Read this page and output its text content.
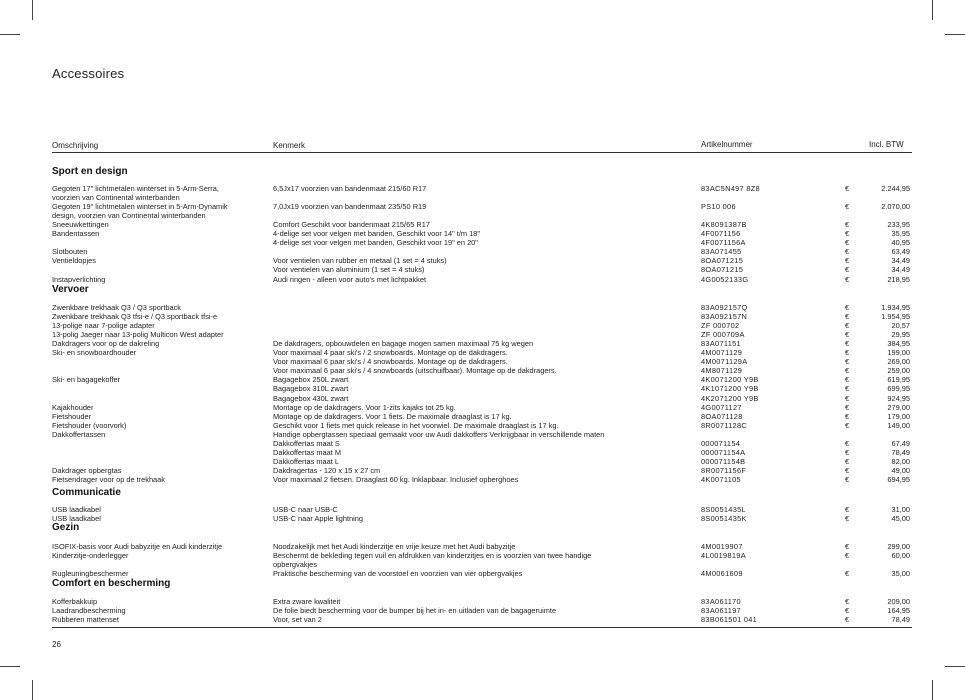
Accessoires
Omschrijving	Kenmerk	Artikelnummer	Incl. BTW
Sport en design
Gegoten 17" lichtmetalen winterset in 5-Arm-Serra,	6,5Jx17 voorzien van bandenmaat 215/60 R17	83AC5N497 8Z8	€	2.244,95
voorzien van Continental winterbanden
Gegoten 19" lichtmetalen winterset in 5-Arm-Dynamik	7,0Jx19 voorzien van bandenmaat 235/50 R19	PS10 006	€	2.070,00
design, voorzien van Continental winterbanden
Sneeuwkettingen	Comfort Geschikt voor bandenmaat 215/65 R17	4K8091387B	€	233,95
Bandentassen	4-delige set voor velgen met banden, Geschikt voor 14" t/m 18"	4F0071156	€	35,95
4-delige set voor velgen met banden, Geschikt voor 19" en 20"	4F0071156A	€	40,95
Slotbouten	83A071455	€	63,49
Ventieldopjes	Voor ventielen van rubber en metaal (1 set = 4 stuks)	8OA071215	€	34,49
Voor ventielen van aluminium (1 set = 4 stuks)	8OA071215	€	34,49
Instapverlichting	Audi ringen - alleen voor auto's met lichtpakket	4G0052133G	€	218,95
Vervoer
Zwenkbare trekhaak Q3 / Q3 sportback	83A092157Q	€	1.934,95
Zwenkbare trekhaak Q3 tfsi-e / Q3 sportback tfsi-e	83A092157N	€	1.954,95
13-polige naar 7-polige adapter	ZF 000702	€	20,57
13-polig Jaeger naar 13-polig Multicon West adapter	ZF 000709A	€	29,95
Dakdragers voor op de dakreling	De dakdragers, opbouwdelen en bagage mogen samen maximaal 75 kg wegen	83A071151	€	384,95
Ski- en snowboardhouder	Voor maximaal 4 paar ski's / 2 snowboards. Montage op de dakdragers.	4M0071129	€	199,00
Voor maximaal 6 paar ski's / 4 snowboards. Montage op de dakdragers.	4M0071129A	€	269,00
Voor maximaal 6 paar ski's / 4 snowboards (uitschuifbaar). Montage op de dakdragers.	4M8071129	€	259,00
Ski- en bagagekoffer	Bagagebox 250L zwart	4K0071200 Y9B	€	619,95
Bagagebox 310L zwart	4K1071200 Y9B	€	699,95
Bagagebox 430L zwart	4K2071200 Y9B	€	924,95
Kajakhouder	Montage op de dakdragers. Voor 1-zits kajaks tot 25 kg.	4G0071127	€	279,00
Fietshouder	Montage op de dakdragers. Voor 1 fiets. De maximale draaglast is 17 kg.	8OA071128	€	179,00
Fietshouder (voorvork)	Geschikt voor 1 fiets met quick release in het voorwiel. De maximale draaglast is 17 kg.	8R0071128C	€	149,00
Dakkoffertassen	Handige opbergtassen speciaal gemaakt voor uw Audi dakkoffers Verkrijgbaar in verschillende maten
Dakkoffertas maat S	000071154	€	67,49
Dakkoffertas maat M	000071154A	€	78,49
Dakkoffertas maat L	000071154B	€	82,00
Dakdrager opbergtas	Dakdragertas - 120 x 15 x 27 cm	8R0071156F	€	49,00
Fietsendrager voor op de trekhaak	Voor maximaal 2 fietsen. Draaglast 60 kg. Inklapbaar. Inclusief opberghoes	4K0071105	€	694,95
Communicatie
USB laadkabel	USB-C naar USB-C	8S0051435L	€	31,00
USB laadkabel	USB-C naar Apple lightning	8S0051435K	€	45,00
Gezin
ISOFIX-basis voor Audi babyzitje en Audi kinderzitje	Noodzakelijk met het Audi kinderzitje en vrije keuze met het Audi babyzitje	4M0019907	€	299,00
Kinderzitje-onderlegger	Beschermt de bekleding tegen vuil en afdrukken van kinderzitjes en is voorzien van twee handige	4L0019819A	€	60,00
opbergvakjes
Rugleuningbeschermer	Praktische bescherming van de voorstoel en voorzien van vier opbergvakjes	4M0061609	€	35,00
Comfort en bescherming
Kofferbakkuip	Extra zware kwaliteit	83A061170	€	209,00
Laadrandbescherming	De folie biedt bescherming voor de bumper bij het in- en uitladen van de bagageruimte	83A061197	€	164,95
Rubberen mattenset	Voor, set van 2	83B061501 041	€	78,49
26
